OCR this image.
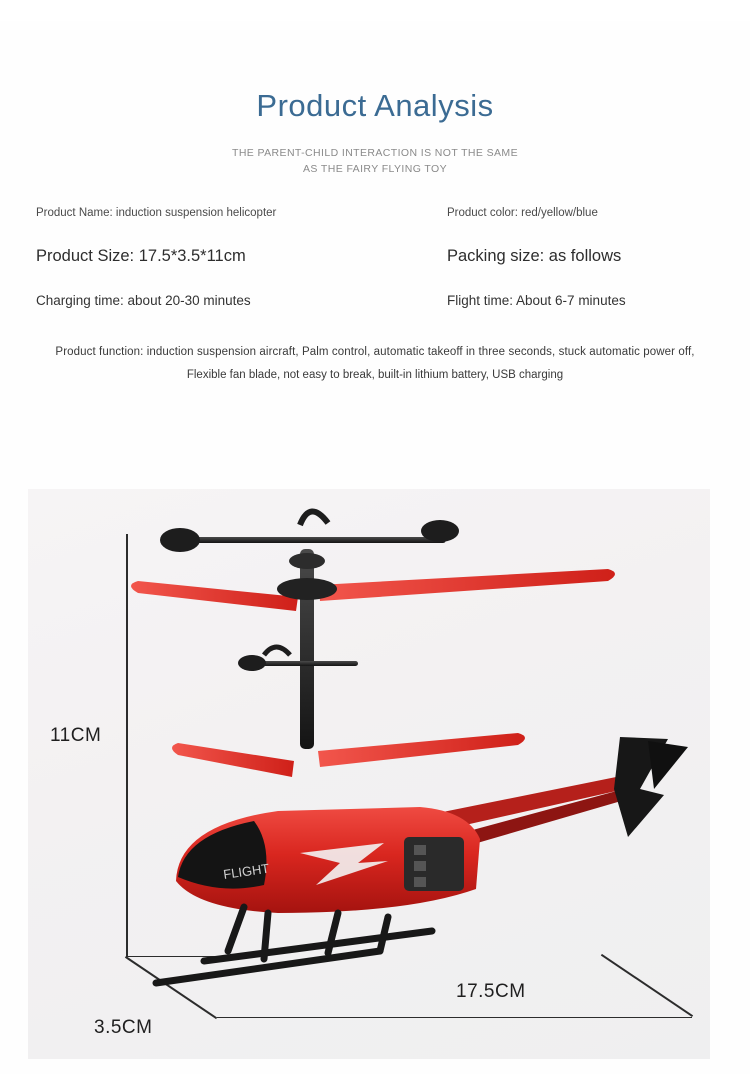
Product Analysis
THE PARENT-CHILD INTERACTION IS NOT THE SAME
AS THE FAIRY FLYING TOY
Product Name: induction suspension helicopter	Product color: red/yellow/blue
Product Size: 17.5*3.5*11cm	Packing size: as follows
Charging time: about 20-30 minutes	Flight time: About 6-7 minutes
Product function: induction suspension aircraft, Palm control, automatic takeoff in three seconds, stuck automatic power off,
Flexible fan blade, not easy to break, built-in lithium battery, USB charging
11CM
17.5CM
3.5CM
FLIGHT
